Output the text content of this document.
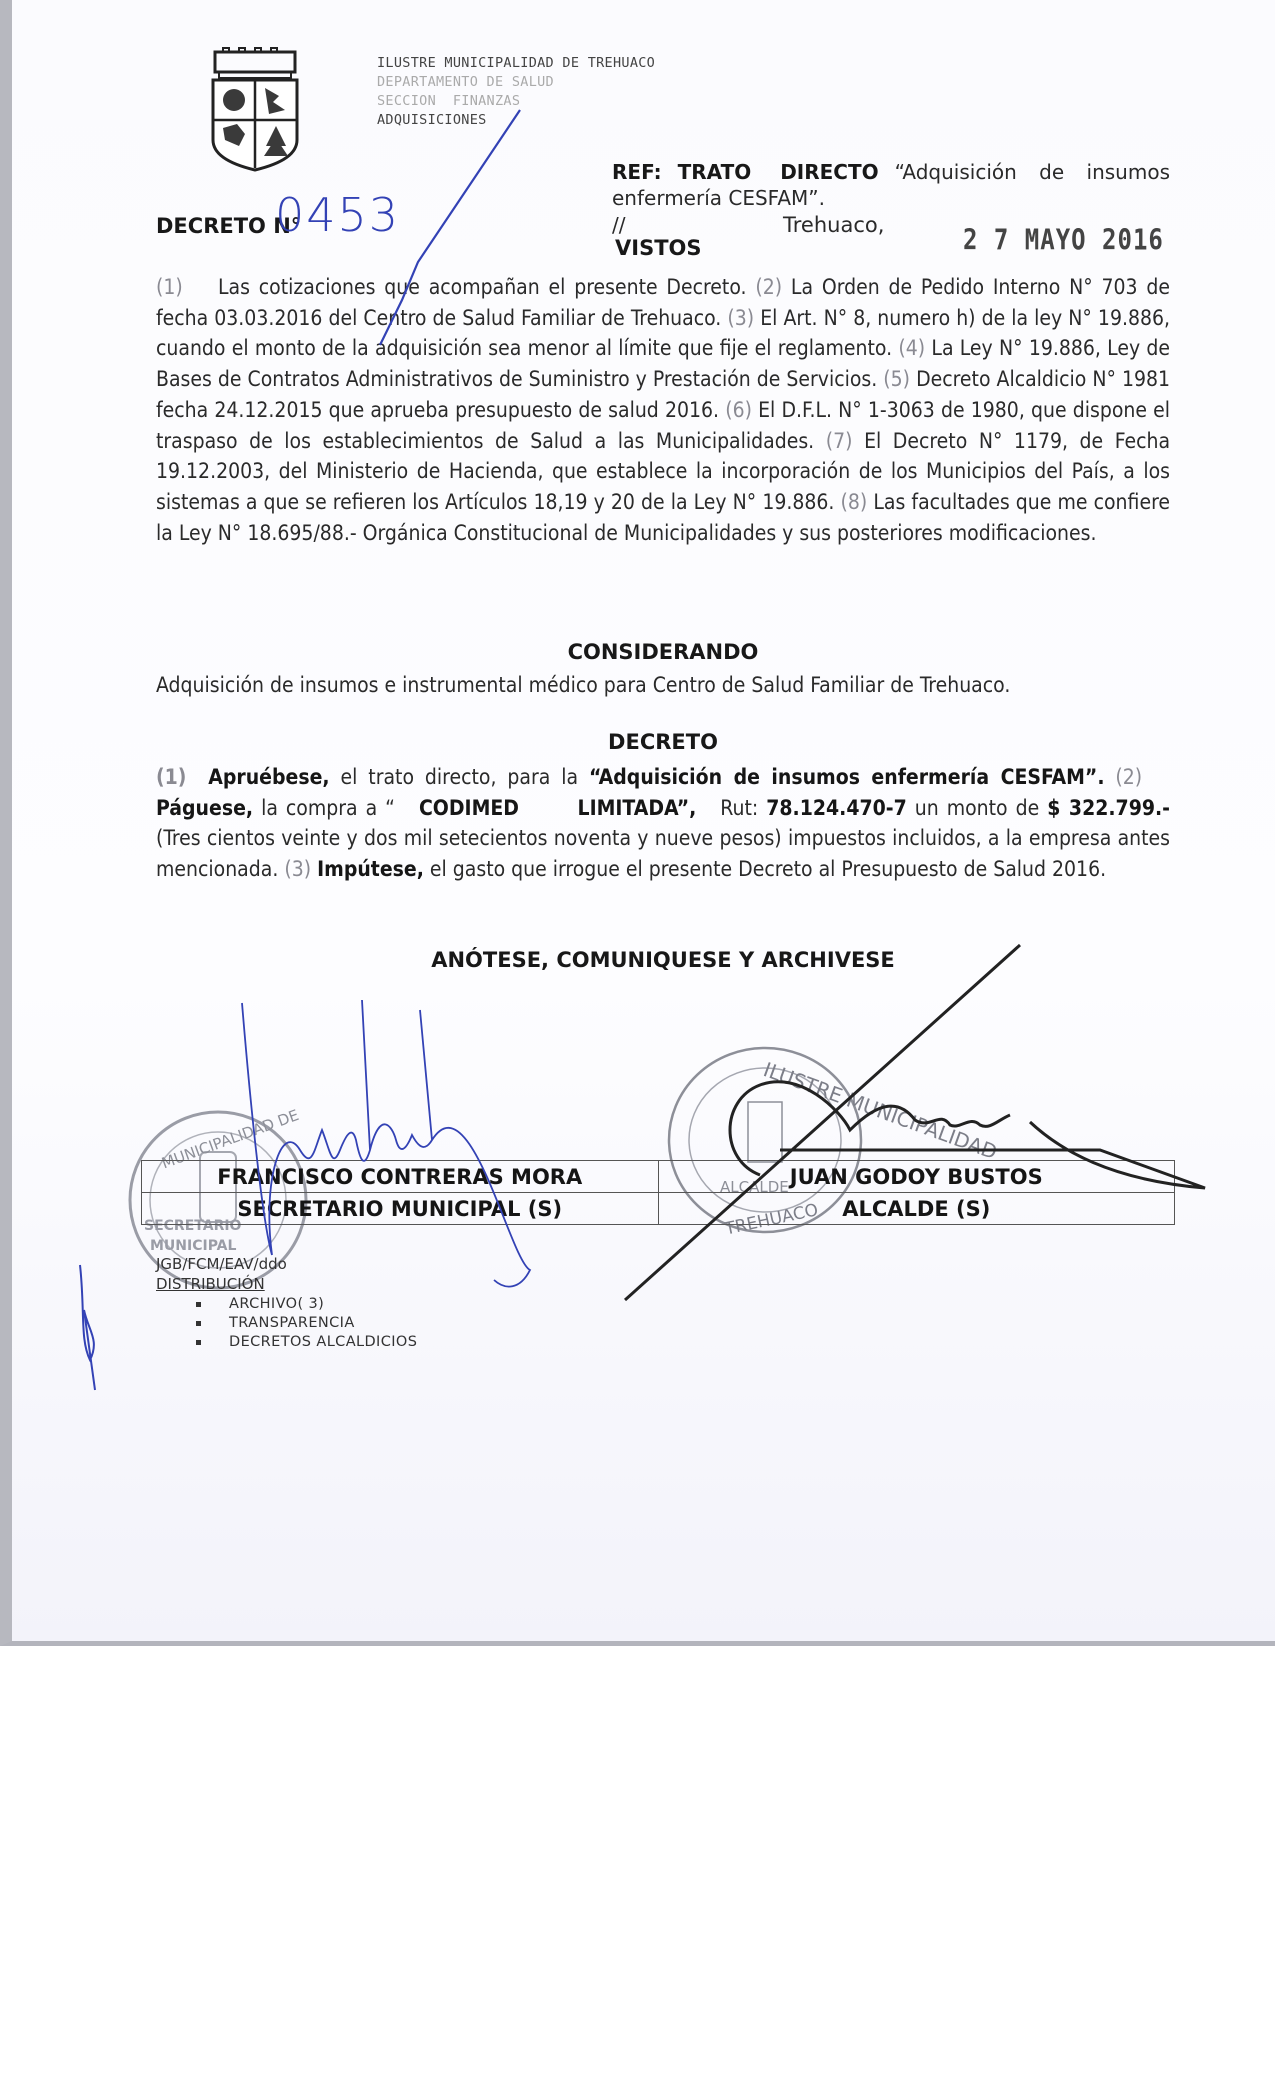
ILUSTRE MUNICIPALIDAD DE TREHUACO
DEPARTAMENTO DE SALUD
SECCION  FINANZAS
ADQUISICIONES
DECRETO N°
0453
REF: TRATO DIRECTO “Adquisición de insumos
enfermería CESFAM”.
//	Trehuaco,	2 7 MAYO 2016
VISTOS
(1) Las cotizaciones que acompañan el presente Decreto. (2) La Orden de Pedido Interno N° 703 de fecha 03.03.2016 del Centro de Salud Familiar de Trehuaco. (3) El Art. N° 8, numero h) de la ley N° 19.886, cuando el monto de la adquisición sea menor al límite que fije el reglamento. (4) La Ley N° 19.886, Ley de Bases de Contratos Administrativos de Suministro y Prestación de Servicios. (5) Decreto Alcaldicio N° 1981 fecha 24.12.2015 que aprueba presupuesto de salud 2016. (6) El D.F.L. N° 1-3063 de 1980, que dispone el traspaso de los establecimientos de Salud a las Municipalidades. (7) El Decreto N° 1179, de Fecha 19.12.2003, del Ministerio de Hacienda, que establece la incorporación de los Municipios del País, a los sistemas a que se refieren los Artículos 18,19 y 20 de la Ley N° 19.886. (8) Las facultades que me confiere la Ley N° 18.695/88.- Orgánica Constitucional de Municipalidades y sus posteriores modificaciones.
CONSIDERANDO
Adquisición de insumos e instrumental médico para Centro de Salud Familiar de Trehuaco.
DECRETO
(1) Apruébese, el trato directo, para la “Adquisición de insumos enfermería CESFAM”. (2)    Páguese, la compra a “ CODIMED LIMITADA”, Rut: 78.124.470-7 un monto de $ 322.799.- (Tres cientos veinte y dos mil setecientos noventa y nueve pesos) impuestos incluidos, a la empresa antes mencionada. (3) Impútese, el gasto que irrogue el presente Decreto al Presupuesto de Salud 2016.
ANÓTESE, COMUNIQUESE Y ARCHIVESE
MUNICIPALIDAD DE
SECRETARIO
MUNICIPAL
ILUSTRE MUNICIPALIDAD
ALCALDE
TREHUACO
FRANCISCO CONTRERAS MORA	JUAN GODOY BUSTOS
SECRETARIO MUNICIPAL (S)	ALCALDE (S)
JGB/FCM/EAV/ddo
DISTRIBUCIÓN
ARCHIVO( 3)
TRANSPARENCIA
DECRETOS ALCALDICIOS
